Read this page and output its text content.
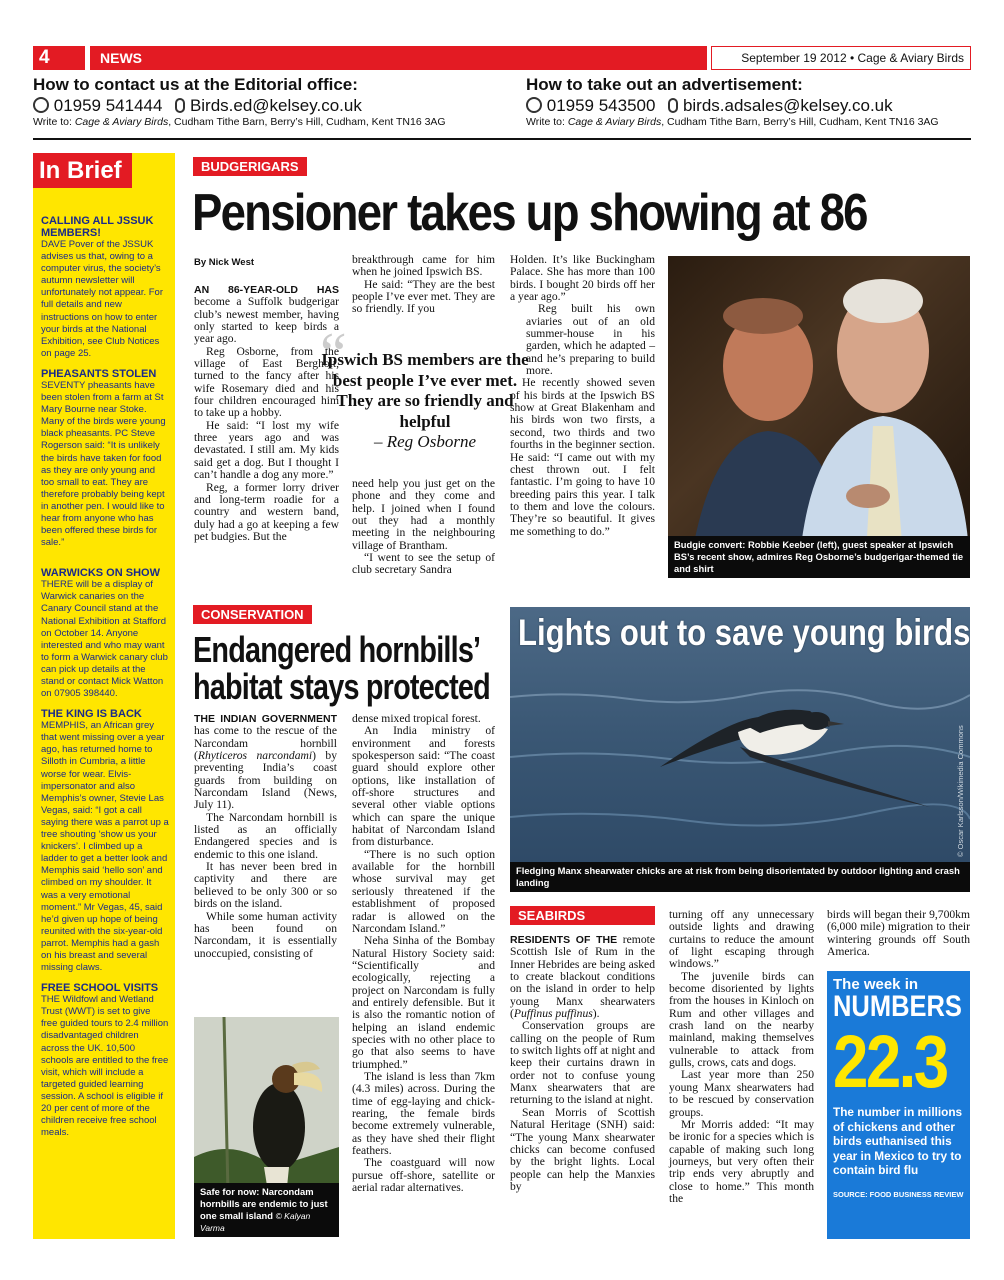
4	NEWS	September 19 2012 • Cage & Aviary Birds
How to contact us at the Editorial office:
01959 541444 Birds.ed@kelsey.co.uk
Write to: Cage & Aviary Birds, Cudham Tithe Barn, Berry’s Hill, Cudham, Kent TN16 3AG
How to take out an advertisement:
01959 543500 birds.adsales@kelsey.co.uk
Write to: Cage & Aviary Birds, Cudham Tithe Barn, Berry’s Hill, Cudham, Kent TN16 3AG
In Brief
CALLING ALL JSSUK MEMBERS!

DAVE Pover of the JSSUK advises us that, owing to a computer virus, the society’s autumn newsletter will unfortunately not appear. For full details and new instructions on how to enter your birds at the National Exhibition, see Club Notices on page 25.

PHEASANTS STOLEN

SEVENTY pheasants have been stolen from a farm at St Mary Bourne near Stoke. Many of the birds were young black pheasants. PC Steve Rogerson said: “It is unlikely the birds have taken for food as they are only young and too small to eat. They are therefore probably being kept in another pen. I would like to hear from anyone who has been offered these birds for sale.”

WARWICKS ON SHOW

THERE will be a display of Warwick canaries on the Canary Council stand at the National Exhibition at Stafford on October 14. Anyone interested and who may want to form a Warwick canary club can pick up details at the stand or contact Mick Watton on 07905 398440.

THE KING IS BACK

MEMPHIS, an African grey that went missing over a year ago, has returned home to Silloth in Cumbria, a little worse for wear. Elvis-impersonator and also Memphis’s owner, Stevie Las Vegas, said: “I got a call saying there was a parrot up a tree shouting ‘show us your knickers’. I climbed up a ladder to get a better look and Memphis said ‘hello son’ and climbed on my shoulder. It was a very emotional moment.” Mr Vegas, 45, said he’d given up hope of being reunited with the six-year-old parrot. Memphis had a gash on his breast and several missing claws.

FREE SCHOOL VISITS

THE Wildfowl and Wetland Trust (WWT) is set to give free guided tours to 2.4 million disadvantaged children across the UK. 10,500 schools are entitled to the free visit, which will include a targeted guided learning session. A school is eligible if 20 per cent of more of the children receive free school meals.

BUDGERIGARS
Pensioner takes up showing at 86
By Nick West

AN 86-YEAR-OLD HAS become a Suffolk budgerigar club’s newest member, having only started to keep birds a year ago.

Reg Osborne, from the village of East Bergholt, turned to the fancy after his wife Rosemary died and his four children encouraged him to take up a hobby.

He said: “I lost my wife three years ago and was devastated. I still am. My kids said get a dog. But I thought I can’t handle a dog any more.”

Reg, a former lorry driver and long-term roadie for a country and western band, duly had a go at keeping a few pet budgies. But the

breakthrough came for him when he joined Ipswich BS.

He said: “They are the best people I’ve ever met. They are so friendly. If you

“
Ipswich BS members are the best people I’ve ever met. They are so friendly and helpful
– Reg Osborne

need help you just get on the phone and they come and help. I joined when I found out they had a monthly meeting in the neighbouring village of Brantham.

“I went to see the setup of club secretary Sandra

Holden. It’s like Buckingham Palace. She has more than 100 birds. I bought 20 birds off her a year ago.”

Reg built his own aviaries out of an old summer-house in his garden, which he adapted – and he’s preparing to build more.

He recently showed seven of his birds at the Ipswich BS show at Great Blakenham and his birds won two firsts, a second, two thirds and two fourths in the beginner section. He said: “I came out with my chest thrown out. I felt fantastic. I’m going to have 10 breeding pairs this year. I talk to them and love the colours. They’re so beautiful. It gives me something to do.”

Budgie convert: Robbie Keeber (left), guest speaker at Ipswich BS’s recent show, admires Reg Osborne’s budgerigar-themed tie and shirt
CONSERVATION
Endangered hornbills’
habitat stays protected

THE INDIAN GOVERNMENT has come to the rescue of the Narcondam hornbill (Rhyticeros narcondami) by preventing India’s coast guards from building on Narcondam Island (News, July 11).

The Narcondam hornbill is listed as an officially Endangered species and is endemic to this one island.

It has never been bred in captivity and there are believed to be only 300 or so birds on the island.

While some human activity has been found on Narcondam, it is essentially unoccupied, consisting of

dense mixed tropical forest.

An India ministry of environment and forests spokesperson said: “The coast guard should explore other options, like installation of off-shore structures and several other viable options which can spare the unique habitat of Narcondam Island from disturbance.

“There is no such option available for the hornbill whose survival may get seriously threatened if the establishment of proposed radar is allowed on the Narcondam Island.”

Neha Sinha of the Bombay Natural History Society said: “Scientifically and ecologically, rejecting a project on Narcondam is fully and entirely defensible. But it is also the romantic notion of helping an island endemic species with no other place to go that also seems to have triumphed.”

The island is less than 7km (4.3 miles) across. During the time of egg-laying and chick-rearing, the female birds become extremely vulnerable, as they have shed their flight feathers.

The coastguard will now pursue off-shore, satellite or aerial radar alternatives.

Safe for now: Narcondam hornbills are endemic to just one small island © Kalyan Varma
Lights out to save young birds
© Oscar Karlsson/Wikimedia Commons
Fledging Manx shearwater chicks are at risk from being disorientated by outdoor lighting and crash landing
SEABIRDS

RESIDENTS OF THE remote Scottish Isle of Rum in the Inner Hebrides are being asked to create blackout conditions on the island in order to help young Manx shearwaters (Puffinus puffinus).

Conservation groups are calling on the people of Rum to switch lights off at night and keep their curtains drawn in order not to confuse young Manx shearwaters that are returning to the island at night.

Sean Morris of Scottish Natural Heritage (SNH) said: “The young Manx shearwater chicks can become confused by the bright lights. Local people can help the Manxies by

turning off any unnecessary outside lights and drawing curtains to reduce the amount of light escaping through windows.”

The juvenile birds can become disoriented by lights from the houses in Kinloch on Rum and other villages and crash land on the nearby mainland, making themselves vulnerable to attack from gulls, crows, cats and dogs.

Last year more than 250 young Manx shearwaters had to be rescued by conservation groups.

Mr Morris added: “It may be ironic for a species which is capable of making such long journeys, but very often their trip ends very abruptly and close to home.” This month the

birds will began their 9,700km (6,000 mile) migration to their wintering grounds off South America.

The week in
NUMBERS
22.3
The number in millions of chickens and other birds euthanised this year in Mexico to try to contain bird flu
SOURCE: FOOD BUSINESS REVIEW
